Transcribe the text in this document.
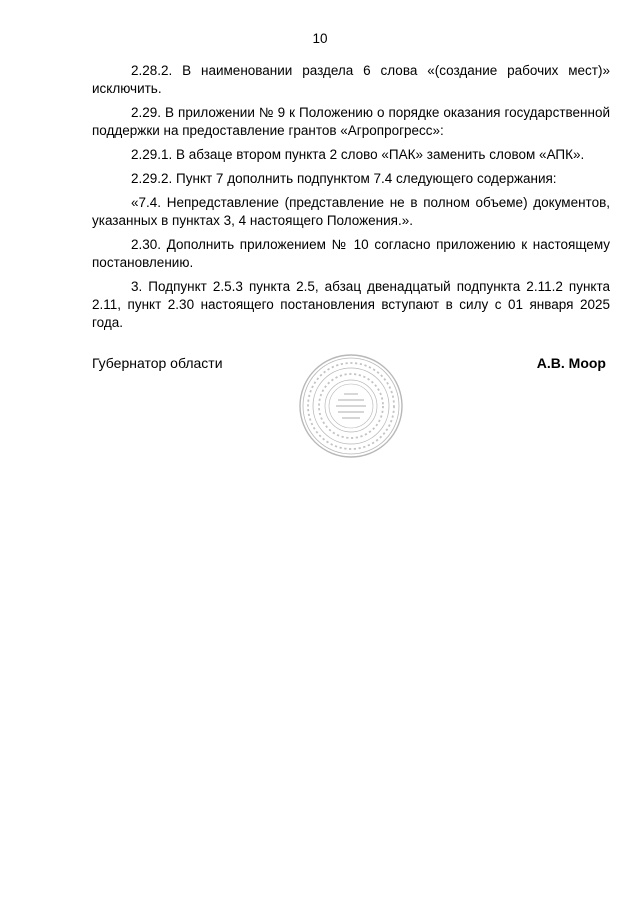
10

2.28.2. В наименовании раздела 6 слова «(создание рабочих мест)» исключить.

2.29. В приложении № 9 к Положению о порядке оказания государственной поддержки на предоставление грантов «Агропрогресс»:

2.29.1. В абзаце втором пункта 2 слово «ПАК» заменить словом «АПК».

2.29.2. Пункт 7 дополнить подпунктом 7.4 следующего содержания:

«7.4. Непредставление (представление не в полном объеме) документов, указанных в пунктах 3, 4 настоящего Положения.».

2.30. Дополнить приложением № 10 согласно приложению к настоящему постановлению.

3. Подпункт 2.5.3 пункта 2.5, абзац двенадцатый подпункта 2.11.2 пункта 2.11, пункт 2.30 настоящего постановления вступают в силу с 01 января 2025 года.

Губернатор области	А.В. Моор
